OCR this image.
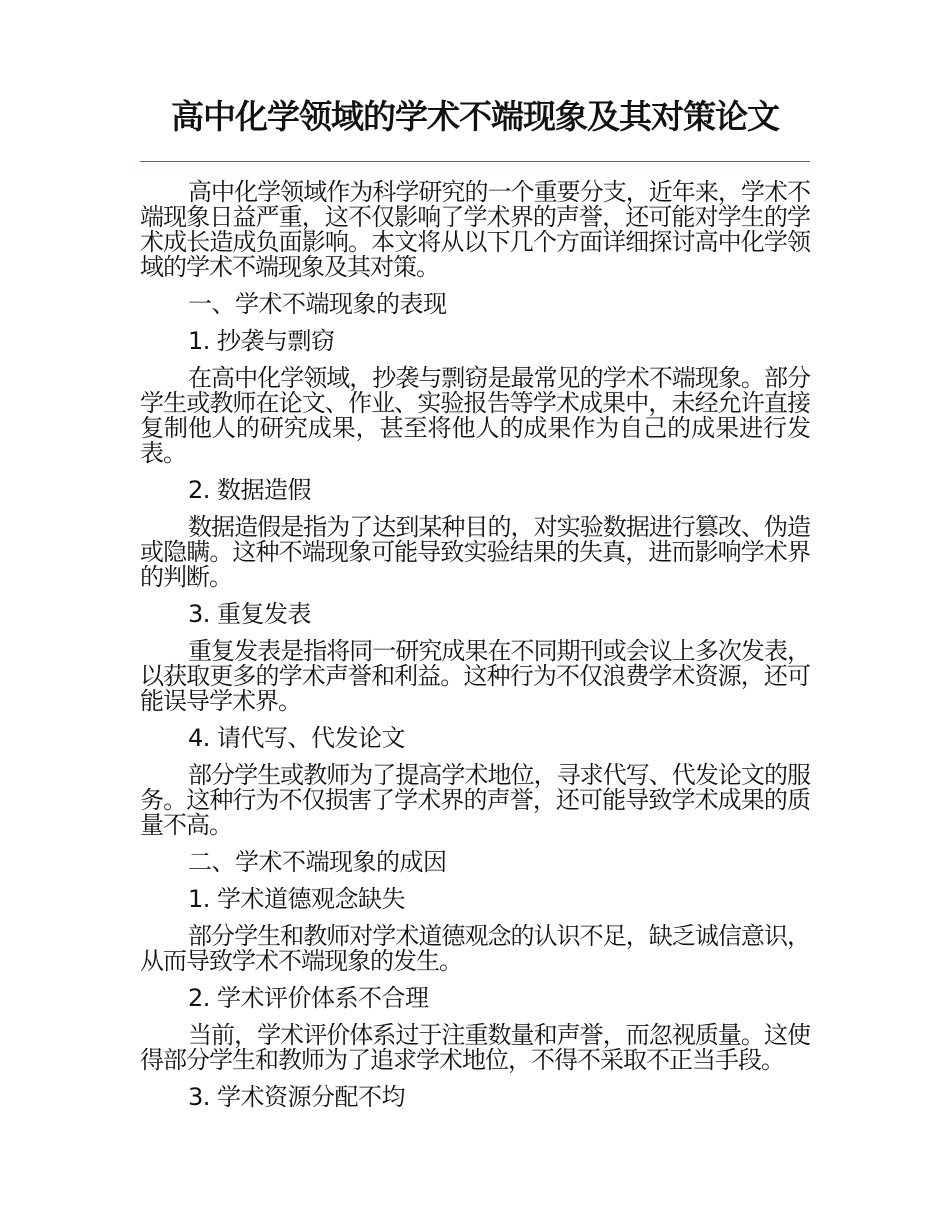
高中化学领域的学术不端现象及其对策论文

高中化学领域作为科学研究的一个重要分支，近年来，学术不端现象日益严重，这不仅影响了学术界的声誉，还可能对学生的学术成长造成负面影响。本文将从以下几个方面详细探讨高中化学领域的学术不端现象及其对策。

一、学术不端现象的表现

1. 抄袭与剽窃

在高中化学领域，抄袭与剽窃是最常见的学术不端现象。部分学生或教师在论文、作业、实验报告等学术成果中，未经允许直接复制他人的研究成果，甚至将他人的成果作为自己的成果进行发表。

2. 数据造假

数据造假是指为了达到某种目的，对实验数据进行篡改、伪造或隐瞒。这种不端现象可能导致实验结果的失真，进而影响学术界的判断。

3. 重复发表

重复发表是指将同一研究成果在不同期刊或会议上多次发表，以获取更多的学术声誉和利益。这种行为不仅浪费学术资源，还可能误导学术界。

4. 请代写、代发论文

部分学生或教师为了提高学术地位，寻求代写、代发论文的服务。这种行为不仅损害了学术界的声誉，还可能导致学术成果的质量不高。

二、学术不端现象的成因

1. 学术道德观念缺失

部分学生和教师对学术道德观念的认识不足，缺乏诚信意识，从而导致学术不端现象的发生。

2. 学术评价体系不合理

当前，学术评价体系过于注重数量和声誉，而忽视质量。这使得部分学生和教师为了追求学术地位，不得不采取不正当手段。

3. 学术资源分配不均
